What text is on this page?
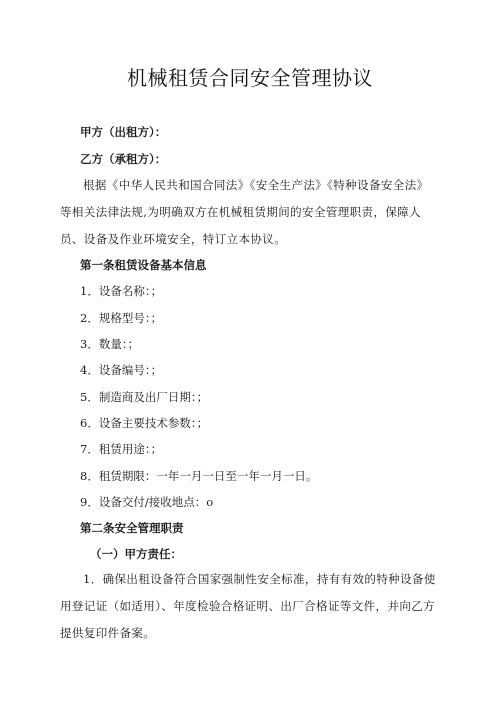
机械租赁合同安全管理协议
甲方（出租方）：
乙方（承租方）：
根据《中华人民共和国合同法》《安全生产法》《特种设备安全法》等相关法律法规,为明确双方在机械租赁期间的安全管理职责，保障人员、设备及作业环境安全，特订立本协议。
第一条租赁设备基本信息
1．设备名称：；
2．规格型号：；
3．数量：；
4．设备编号：；
5．制造商及出厂日期：；
6．设备主要技术参数：；
7．租赁用途：；
8．租赁期限：一年一月一日至一年一月一日。
9．设备交付/接收地点：o
第二条安全管理职责
（一）甲方责任：
1．确保出租设备符合国家强制性安全标准，持有有效的特种设备使用登记证（如适用）、年度检验合格证明、出厂合格证等文件，并向乙方提供复印件备案。
